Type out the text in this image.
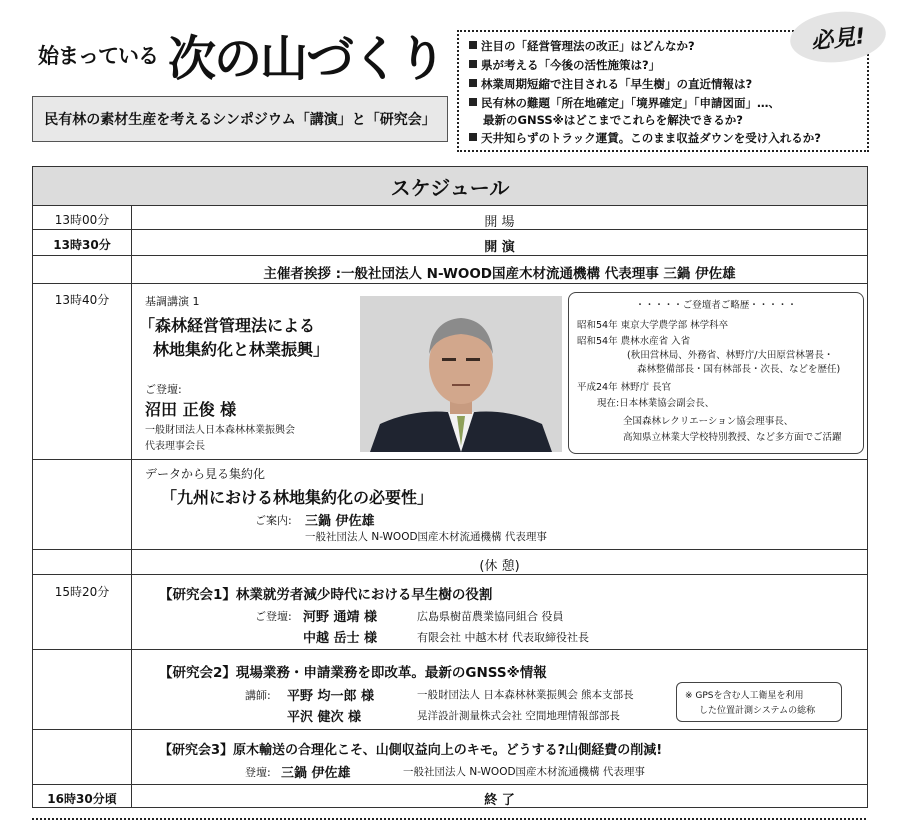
始まっている 次の山づくり
民有林の素材生産を考えるシンポジウム「講演」と「研究会」
注目の「経営管理法の改正」はどんなか?
県が考える「今後の活性施策は?」
林業周期短縮で注目される「早生樹」の直近情報は?
民有林の難題「所在地確定」「境界確定」「申請図面」…、
最新のGNSS※はどこまでこれらを解決できるか?
天井知らずのトラック運賃。このまま収益ダウンを受け入れるか?
必見!
スケジュール
13時00分	開 場
13時30分	開 演
主催者挨拶 :一般社団法人 N-WOOD国産木材流通機構 代表理事 三鍋 伊佐雄
13時40分	基調講演 1
「森林経営管理法による
林地集約化と林業振興」
ご登壇:
沼田 正俊 様
一般財団法人日本森林林業振興会
代表理事会長
データから見る集約化
「九州における林地集約化の必要性」
ご案内: 三鍋 伊佐雄
一般社団法人 N-WOOD国産木材流通機構 代表理事
(休 憩)
15時20分	【研究会1】林業就労者減少時代における早生樹の役割
ご登壇: 河野 通靖 様	広島県樹苗農業協同組合 役員
中越 岳士 様	有限会社 中越木材 代表取締役社長
【研究会2】現場業務・申請業務を即改革。最新のGNSS※情報
講師: 平野 均一郎 様	一般財団法人 日本森林林業振興会 熊本支部長
平沢 健次 様	晃洋設計測量株式会社 空間地理情報部部長
【研究会3】原木輸送の合理化こそ、山側収益向上のキモ。どうする?山側経費の削減!
登壇: 三鍋 伊佐雄	一般社団法人 N-WOOD国産木材流通機構 代表理事
16時30分頃	終 了
・・・・・ご登壇者ご略歴・・・・・
昭和54年 東京大学農学部 林学科卒
昭和54年 農林水産省 入省
(秋田営林局、外務省、林野庁/大田原営林署長・
森林整備部長・国有林部長・次長、などを歴任)
平成24年 林野庁 長官
現在:日本林業協会副会長、
全国森林レクリエーション協会理事長、
高知県立林業大学校特別教授、など多方面でご活躍
※ GPSを含む人工衛星を利用
した位置計測システムの総称
